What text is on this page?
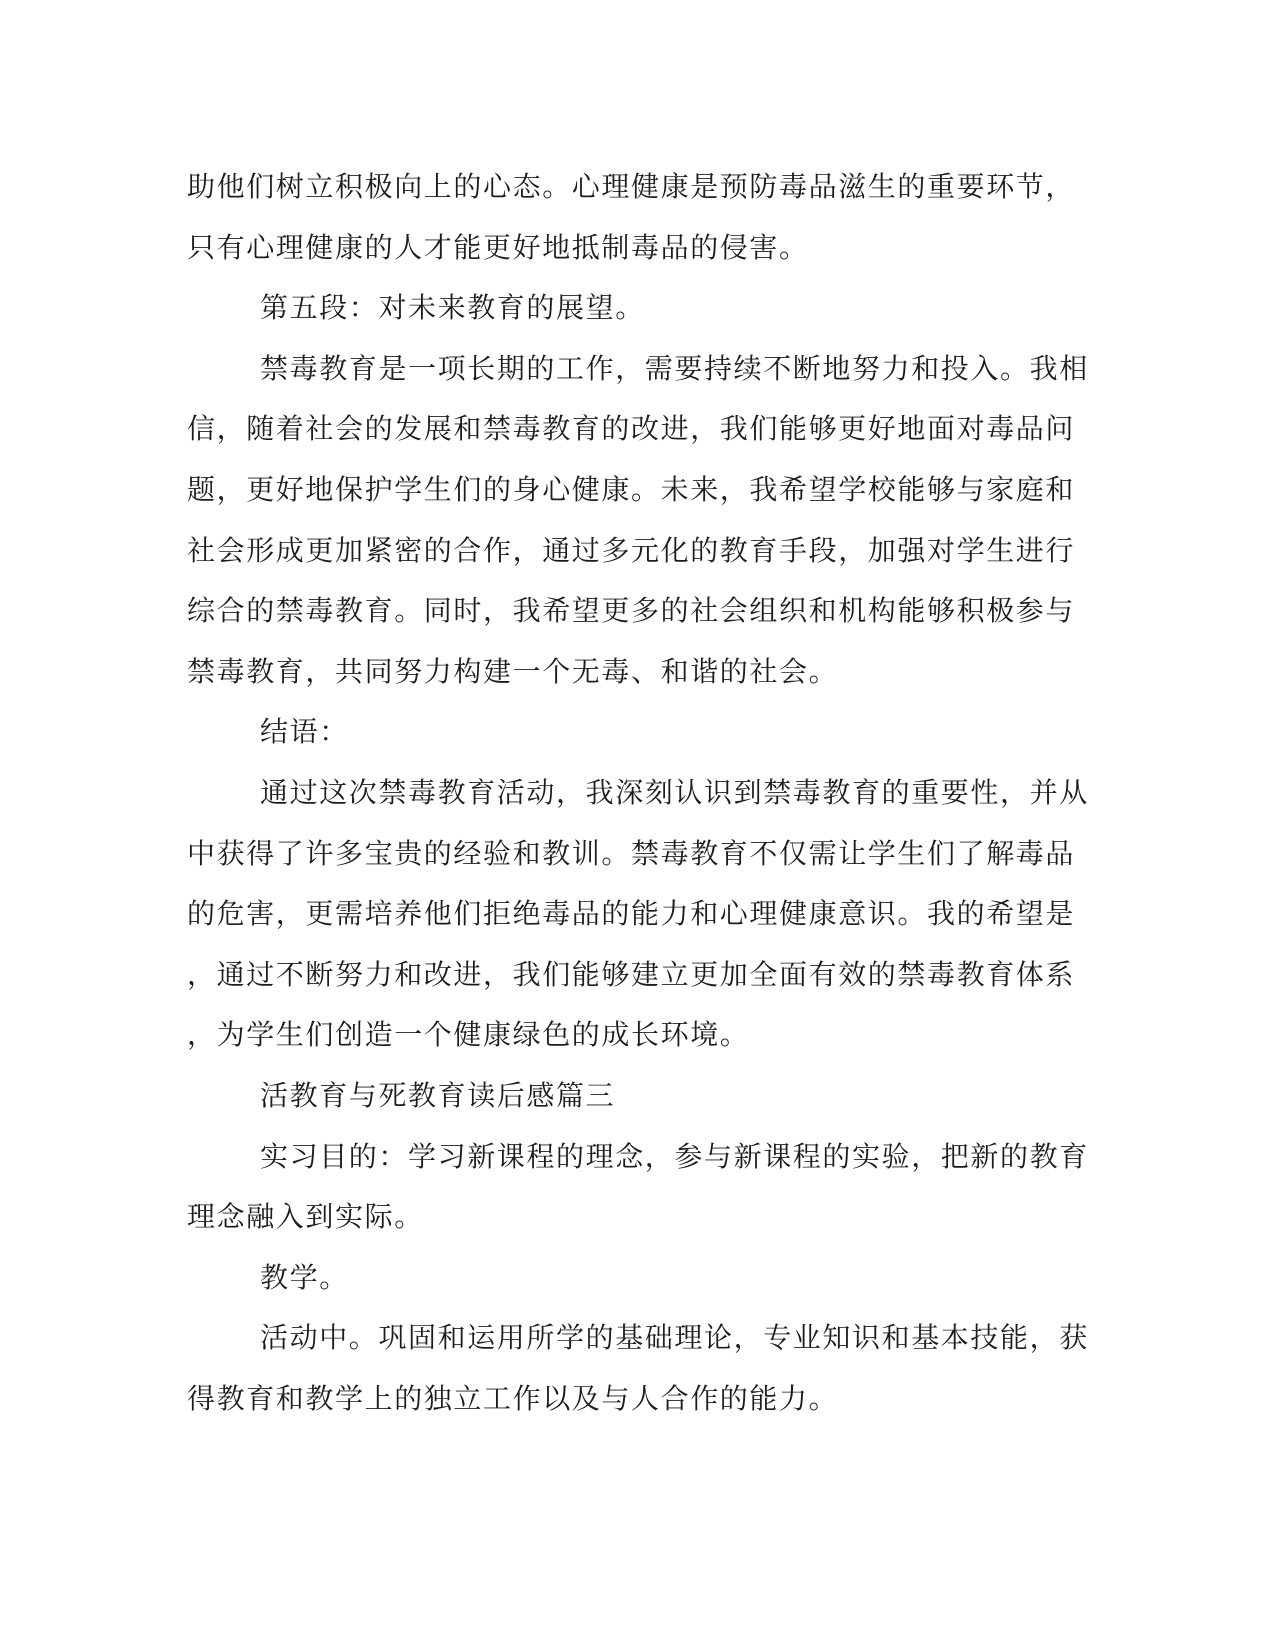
助他们树立积极向上的心态。心理健康是预防毒品滋生的重要环节，
只有心理健康的人才能更好地抵制毒品的侵害。
第五段：对未来教育的展望。
禁毒教育是一项长期的工作，需要持续不断地努力和投入。我相
信，随着社会的发展和禁毒教育的改进，我们能够更好地面对毒品问
题，更好地保护学生们的身心健康。未来，我希望学校能够与家庭和
社会形成更加紧密的合作，通过多元化的教育手段，加强对学生进行
综合的禁毒教育。同时，我希望更多的社会组织和机构能够积极参与
禁毒教育，共同努力构建一个无毒、和谐的社会。
结语：
通过这次禁毒教育活动，我深刻认识到禁毒教育的重要性，并从
中获得了许多宝贵的经验和教训。禁毒教育不仅需让学生们了解毒品
的危害，更需培养他们拒绝毒品的能力和心理健康意识。我的希望是
，通过不断努力和改进，我们能够建立更加全面有效的禁毒教育体系
，为学生们创造一个健康绿色的成长环境。
活教育与死教育读后感篇三
实习目的：学习新课程的理念，参与新课程的实验，把新的教育
理念融入到实际。
教学。
活动中。巩固和运用所学的基础理论，专业知识和基本技能，获
得教育和教学上的独立工作以及与人合作的能力。
